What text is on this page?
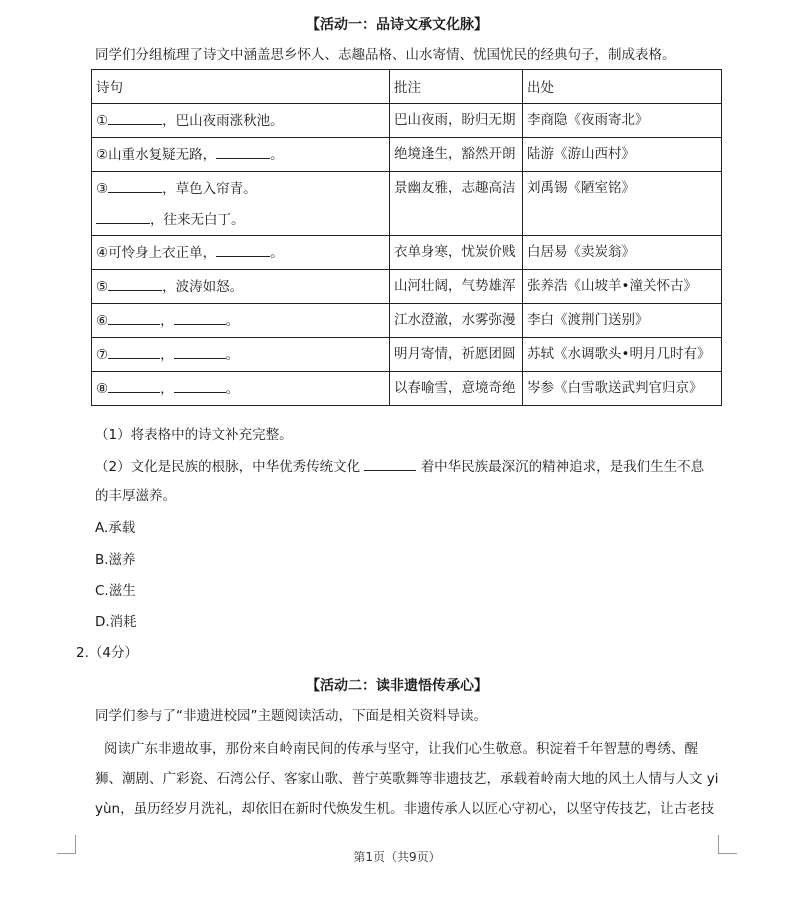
【活动一：品诗文承文化脉】
同学们分组梳理了诗文中涵盖思乡怀人、志趣品格、山水寄情、忧国忧民的经典句子，制成表格。
诗句	批注	出处
① ，巴山夜雨涨秋池。	巴山夜雨，盼归无期	李商隐《夜雨寄北》
②山重水复疑无路， 。	绝境逢生，豁然开朗	陆游《游山西村》

③ ，草色入帘青。
，往来无白丁。	景幽友雅，志趣高洁	刘禹锡《陋室铭》
④可怜身上衣正单， 。	衣单身寒，忧炭价贱	白居易《卖炭翁》
⑤ ，波涛如怒。	山河壮阔，气势雄浑	张养浩《山坡羊•潼关怀古》
⑥ ， 。	江水澄澈，水雾弥漫	李白《渡荆门送别》
⑦ ， 。	明月寄情，祈愿团圆	苏轼《水调歌头•明月几时有》
⑧ ， 。	以春喻雪，意境奇绝	岑参《白雪歌送武判官归京》
（1）将表格中的诗文补充完整。
（2）文化是民族的根脉，中华优秀传统文化	着中华民族最深沉的精神追求，是我们生生不息
的丰厚滋养。
A.承载
B.滋养
C.滋生
D.消耗
2.（4分）
【活动二：读非遗悟传承心】
同学们参与了“非遗进校园”主题阅读活动，下面是相关资料导读。
阅读广东非遗故事，那份来自岭南民间的传承与坚守，让我们心生敬意。积淀着千年智慧的粤绣、醒
狮、潮剧、广彩瓷、石湾公仔、客家山歌、普宁英歌舞等非遗技艺，承载着岭南大地的风土人情与人文 yi
yùn，虽历经岁月洗礼，却依旧在新时代焕发生机。非遗传承人以匠心守初心，以坚守传技艺，让古老技
第1页（共9页）
